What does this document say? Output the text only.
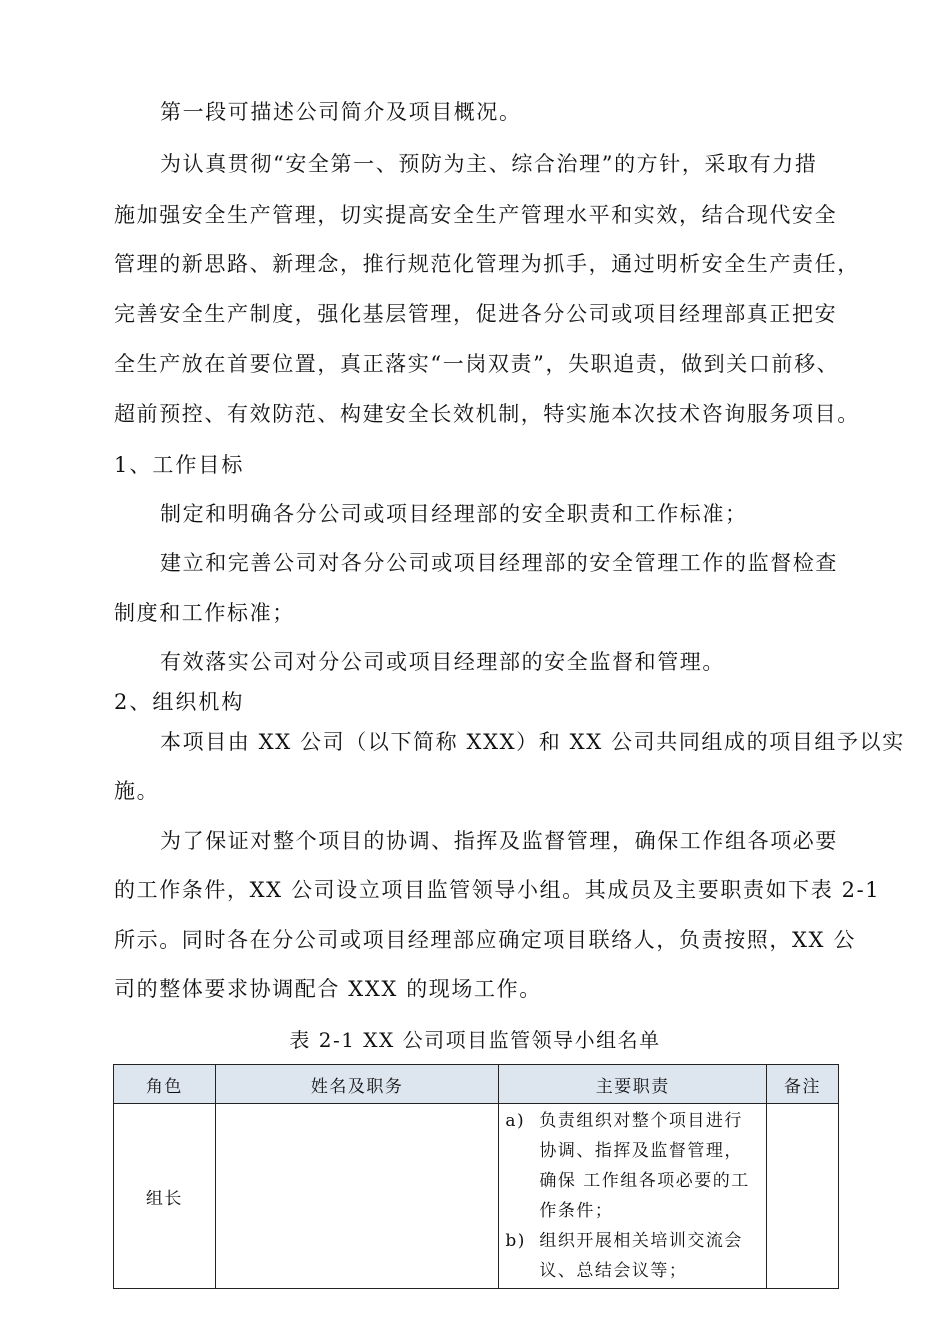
第一段可描述公司简介及项目概况。

为认真贯彻“安全第一、预防为主、综合治理”的方针，采取有力措

施加强安全生产管理，切实提高安全生产管理水平和实效，结合现代安全

管理的新思路、新理念，推行规范化管理为抓手，通过明析安全生产责任，

完善安全生产制度，强化基层管理，促进各分公司或项目经理部真正把安

全生产放在首要位置，真正落实“一岗双责”，失职追责，做到关口前移、

超前预控、有效防范、构建安全长效机制，特实施本次技术咨询服务项目。

1、工作目标

制定和明确各分公司或项目经理部的安全职责和工作标准；

建立和完善公司对各分公司或项目经理部的安全管理工作的监督检查

制度和工作标准；

有效落实公司对分公司或项目经理部的安全监督和管理。

2、组织机构

本项目由 XX 公司（以下简称 XXX）和 XX 公司共同组成的项目组予以实

施。

为了保证对整个项目的协调、指挥及监督管理，确保工作组各项必要

的工作条件，XX 公司设立项目监管领导小组。其成员及主要职责如下表 2-1

所示。同时各在分公司或项目经理部应确定项目联络人，负责按照，XX 公

司的整体要求协调配合 XXX 的现场工作。

表 2-1 XX 公司项目监管领导小组名单

角色	姓名及职务	主要职责	备注
组长		a) 负责组织对整个项目进行协调、指挥及监督管理，确保 工作组各项必要的工作条件；
b) 组织开展相关培训交流会议、总结会议等；	
